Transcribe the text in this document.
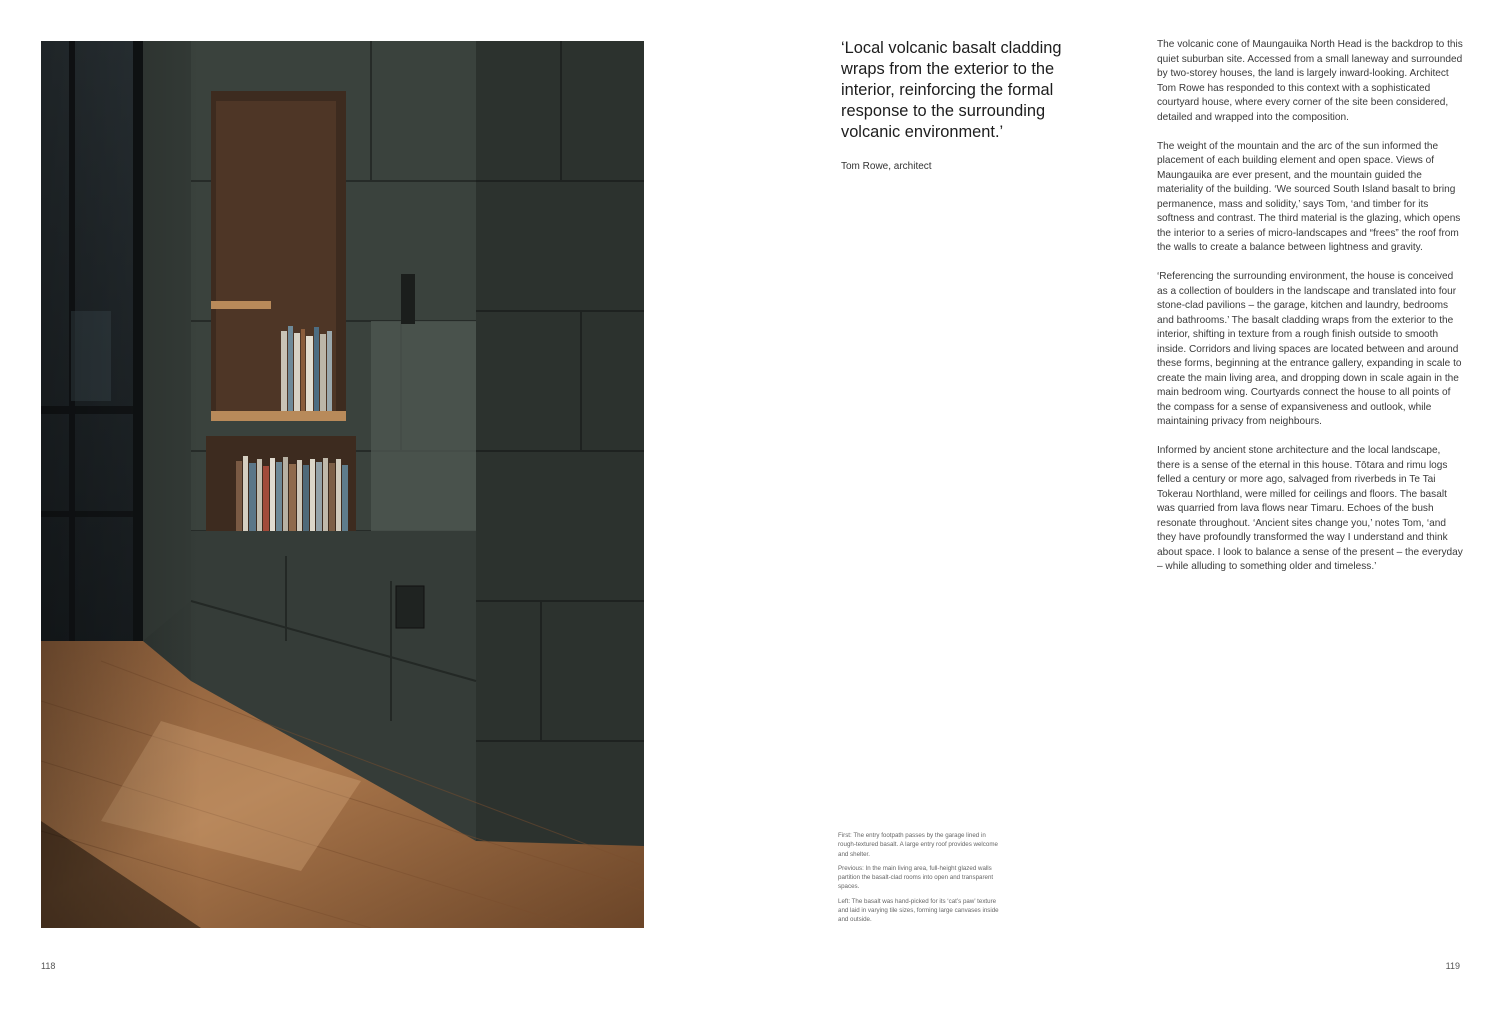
‘Local volcanic basalt cladding wraps from the exterior to the interior, reinforcing the formal response to the surrounding volcanic environment.’

Tom Rowe, architect

The volcanic cone of Maungauika North Head is the backdrop to this quiet suburban site. Accessed from a small laneway and surrounded by two-storey houses, the land is largely inward-looking. Architect Tom Rowe has responded to this context with a sophisticated courtyard house, where every corner of the site been considered, detailed and wrapped into the composition.

The weight of the mountain and the arc of the sun informed the placement of each building element and open space. Views of Maungauika are ever present, and the mountain guided the materiality of the building. ‘We sourced South Island basalt to bring permanence, mass and solidity,’ says Tom, ‘and timber for its softness and contrast. The third material is the glazing, which opens the interior to a series of micro-landscapes and “frees” the roof from the walls to create a balance between lightness and gravity.

‘Referencing the surrounding environment, the house is conceived as a collection of boulders in the landscape and translated into four stone-clad pavilions – the garage, kitchen and laundry, bedrooms and bathrooms.’ The basalt cladding wraps from the exterior to the interior, shifting in texture from a rough finish outside to smooth inside. Corridors and living spaces are located between and around these forms, beginning at the entrance gallery, expanding in scale to create the main living area, and dropping down in scale again in the main bedroom wing. Courtyards connect the house to all points of the compass for a sense of expansiveness and outlook, while maintaining privacy from neighbours.

Informed by ancient stone architecture and the local landscape, there is a sense of the eternal in this house. Tōtara and rimu logs felled a century or more ago, salvaged from riverbeds in Te Tai Tokerau Northland, were milled for ceilings and floors. The basalt was quarried from lava flows near Timaru. Echoes of the bush resonate throughout. ‘Ancient sites change you,’ notes Tom, ‘and they have profoundly transformed the way I understand and think about space. I look to balance a sense of the present – the everyday – while alluding to something older and timeless.’

First: The entry footpath passes by the garage lined in rough-textured basalt. A large entry roof provides welcome and shelter.

Previous: In the main living area, full-height glazed walls partition the basalt-clad rooms into open and transparent spaces.

Left: The basalt was hand-picked for its ‘cat’s paw’ texture and laid in varying tile sizes, forming large canvases inside and outside.

118	119
